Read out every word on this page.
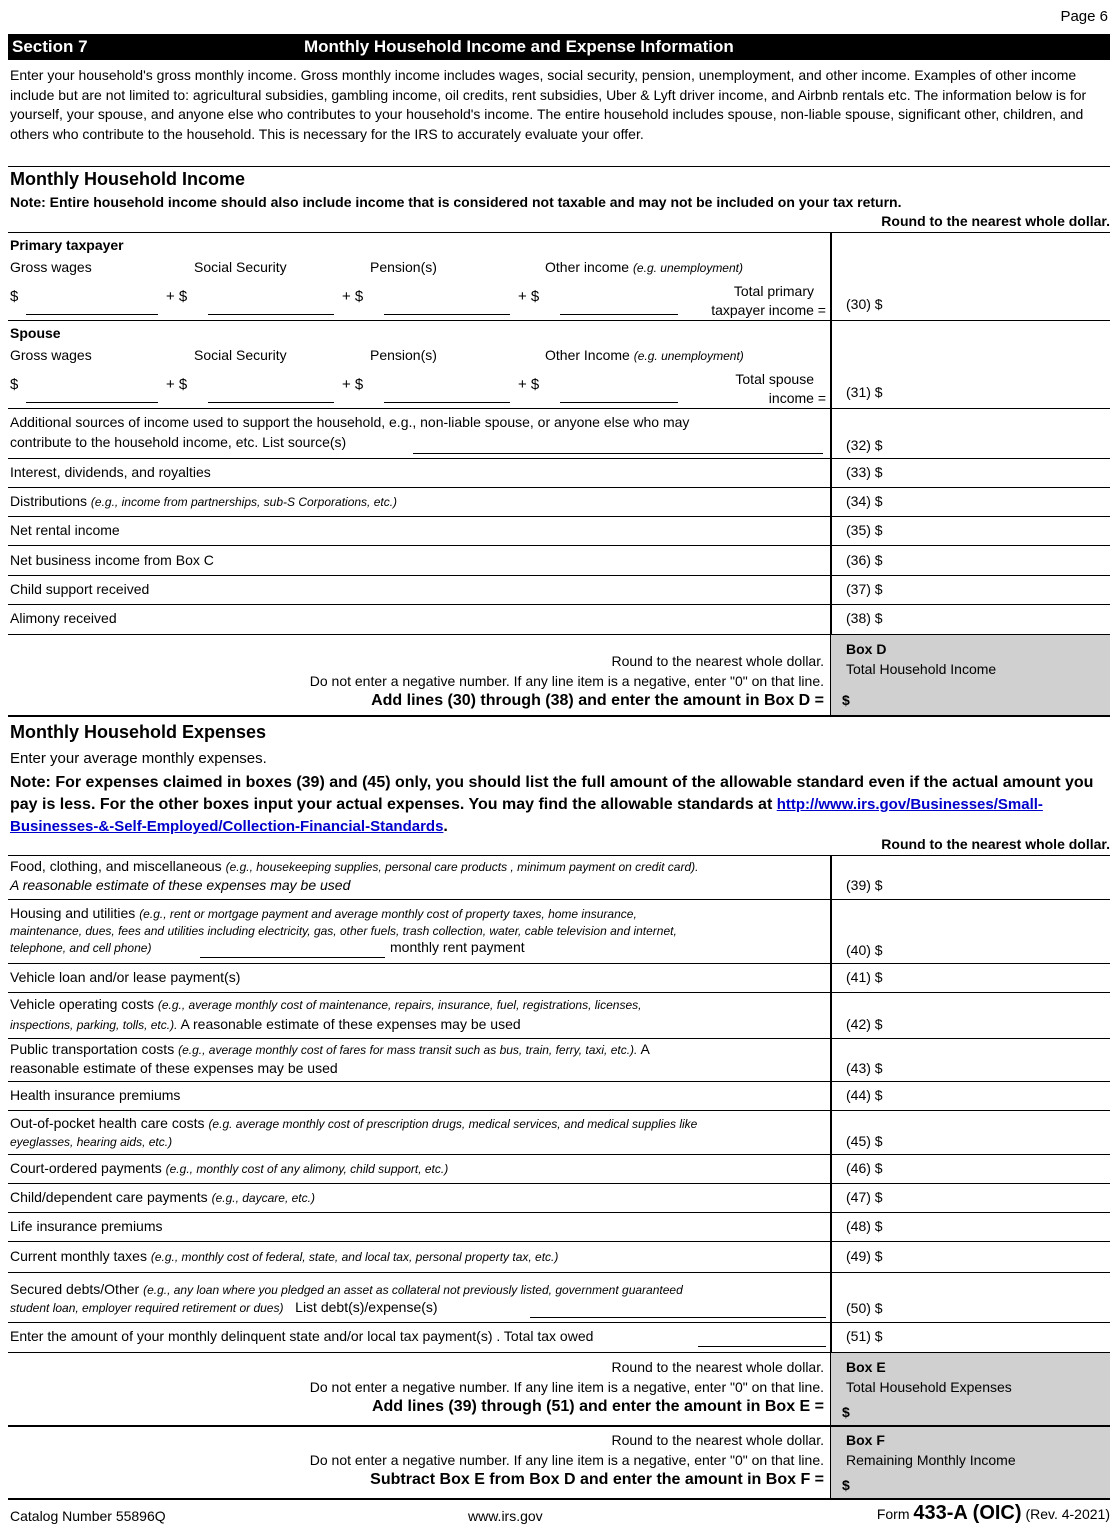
Page 6
Section 7	Monthly Household Income and Expense Information
Enter your household's gross monthly income. Gross monthly income includes wages, social security, pension, unemployment, and other income. Examples of other income include but are not limited to: agricultural subsidies, gambling income, oil credits, rent subsidies, Uber & Lyft driver income, and Airbnb rentals etc. The information below is for yourself, your spouse, and anyone else who contributes to your household's income. The entire household includes spouse, non-liable spouse, significant other, children, and others who contribute to the household. This is necessary for the IRS to accurately evaluate your offer.
Monthly Household Income
Note: Entire household income should also include income that is considered not taxable and may not be included on your tax return.
Round to the nearest whole dollar.
Primary taxpayer
Gross wages	Social Security	Pension(s)	Other income (e.g. unemployment)
$	+ $	+ $	+ $	Total primary
taxpayer income = (30) $
Spouse
Gross wages	Social Security	Pension(s)	Other Income (e.g. unemployment)
$	+ $	+ $	+ $	Total spouse
income = (31) $
Additional sources of income used to support the household, e.g., non-liable spouse, or anyone else who may
contribute to the household income, etc. List source(s)	(32) $
Interest, dividends, and royalties	(33) $
Distributions (e.g., income from partnerships, sub-S Corporations, etc.)	(34) $
Net rental income	(35) $
Net business income from Box C	(36) $
Child support received	(37) $
Alimony received	(38) $
Round to the nearest whole dollar.
Do not enter a negative number. If any line item is a negative, enter "0" on that line.
Add lines (30) through (38) and enter the amount in Box D =
Box D
Total Household Income
$
Monthly Household Expenses
Enter your average monthly expenses.
Note: For expenses claimed in boxes (39) and (45) only, you should list the full amount of the allowable standard even if the actual amount you pay is less. For the other boxes input your actual expenses. You may find the allowable standards at http://www.irs.gov/Businesses/Small-Businesses-&-Self-Employed/Collection-Financial-Standards.
Round to the nearest whole dollar.
Food, clothing, and miscellaneous (e.g., housekeeping supplies, personal care products , minimum payment on credit card).
A reasonable estimate of these expenses may be used	(39) $
Housing and utilities (e.g., rent or mortgage payment and average monthly cost of property taxes, home insurance,
maintenance, dues, fees and utilities including electricity, gas, other fuels, trash collection, water, cable television and internet,
telephone, and cell phone)	monthly rent payment	(40) $
Vehicle loan and/or lease payment(s)	(41) $
Vehicle operating costs (e.g., average monthly cost of maintenance, repairs, insurance, fuel, registrations, licenses,
inspections, parking, tolls, etc.). A reasonable estimate of these expenses may be used	(42) $
Public transportation costs (e.g., average monthly cost of fares for mass transit such as bus, train, ferry, taxi, etc.). A
reasonable estimate of these expenses may be used	(43) $
Health insurance premiums	(44) $
Out-of-pocket health care costs (e.g. average monthly cost of prescription drugs, medical services, and medical supplies like
eyeglasses, hearing aids, etc.)	(45) $
Court-ordered payments (e.g., monthly cost of any alimony, child support, etc.)	(46) $
Child/dependent care payments (e.g., daycare, etc.)	(47) $
Life insurance premiums	(48) $
Current monthly taxes (e.g., monthly cost of federal, state, and local tax, personal property tax, etc.)	(49) $
Secured debts/Other (e.g., any loan where you pledged an asset as collateral not previously listed, government guaranteed
student loan, employer required retirement or dues) List debt(s)/expense(s)	(50) $
Enter the amount of your monthly delinquent state and/or local tax payment(s) . Total tax owed	(51) $
Round to the nearest whole dollar.
Do not enter a negative number. If any line item is a negative, enter "0" on that line.
Add lines (39) through (51) and enter the amount in Box E =
Box E
Total Household Expenses
$
Round to the nearest whole dollar.
Do not enter a negative number. If any line item is a negative, enter "0" on that line.
Subtract Box E from Box D and enter the amount in Box F =
Box F
Remaining Monthly Income
$
Catalog Number 55896Q	www.irs.gov	Form 433-A (OIC) (Rev. 4-2021)
